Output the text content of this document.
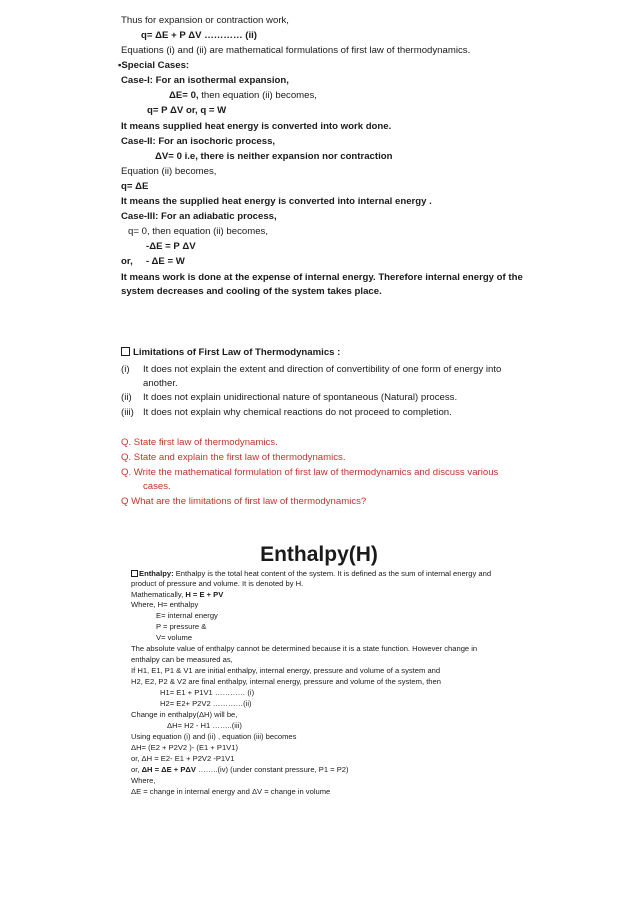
Thus for expansion or contraction work,
q= ΔE + P ΔV ………… (ii)
Equations (i) and (ii) are mathematical formulations of first law of thermodynamics.
▪Special Cases:
Case-I: For an isothermal expansion,
ΔE= 0, then equation (ii) becomes,
q= P ΔV or, q = W
It means supplied heat energy is converted into work done.
Case-II: For an isochoric process,
ΔV= 0 i.e, there is neither expansion nor contraction
Equation (ii) becomes,
q= ΔE
It means the supplied heat energy is converted into internal energy .
Case-III: For an adiabatic process,
q= 0, then equation (ii) becomes,
-ΔE = P ΔV
or, - ΔE = W
It means work is done at the expense of internal energy. Therefore internal energy of the
system decreases and cooling of the system takes place.
Limitations of First Law of Thermodynamics :
(i) It does not explain the extent and direction of convertibility of one form of energy into
another.
(ii) It does not explain unidirectional nature of spontaneous (Natural) process.
(iii) It does not explain why chemical reactions do not proceed to completion.
Q. State first law of thermodynamics.
Q. State and explain the first law of thermodynamics.
Q. Write the mathematical formulation of first law of thermodynamics and discuss various
cases.
Q What are the limitations of first law of thermodynamics?
Enthalpy(H)
Enthalpy: Enthalpy is the total heat content of the system. It is defined as the sum of internal energy and
product of pressure and volume. It is denoted by H.
Mathematically, H = E + PV
Where, H= enthalpy
E= internal energy
P = pressure &
V= volume
The absolute value of enthalpy cannot be determined because it is a state function. However change in
enthalpy can be measured as,
If H1, E1, P1 & V1 are initial enthalpy, internal energy, pressure and volume of a system and
H2, E2, P2 & V2 are final enthalpy, internal energy, pressure and volume of the system, then
H1= E1 + P1V1 ………… (i)
H2= E2+ P2V2 …………(ii)
Change in enthalpy(ΔH) will be,
ΔH= H2 - H1 ……..(iii)
Using equation (i) and (ii) , equation (iii) becomes
ΔH= (E2 + P2V2 )- (E1 + P1V1)
or, ΔH = E2- E1 + P2V2 -P1V1
or, ΔH = ΔE + PΔV ……..(iv) (under constant pressure, P1 = P2)
Where,
ΔE = change in internal energy and ΔV = change in volume
